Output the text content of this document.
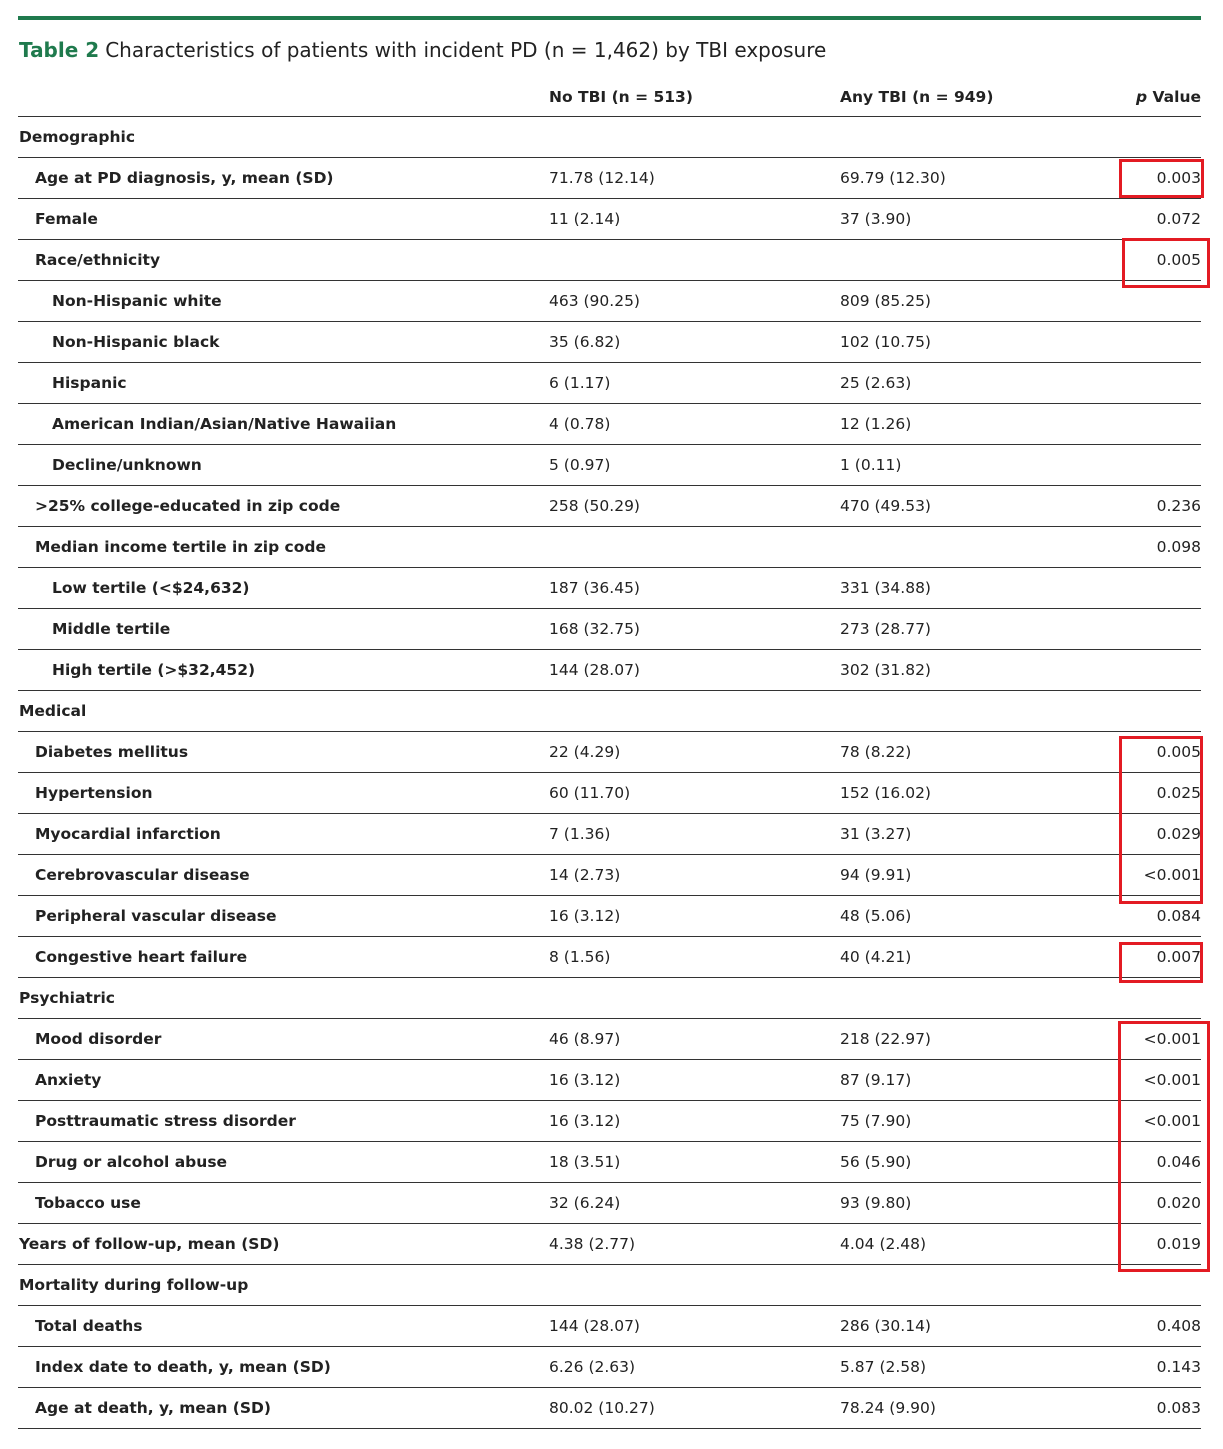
Table 2 Characteristics of patients with incident PD (n = 1,462) by TBI exposure
	No TBI (n = 513)	Any TBI (n = 949)	p Value
Demographic			
Age at PD diagnosis, y, mean (SD)	71.78 (12.14)	69.79 (12.30)	0.003
Female	11 (2.14)	37 (3.90)	0.072
Race/ethnicity			0.005
Non-Hispanic white	463 (90.25)	809 (85.25)	
Non-Hispanic black	35 (6.82)	102 (10.75)	
Hispanic	6 (1.17)	25 (2.63)	
American Indian/Asian/Native Hawaiian	4 (0.78)	12 (1.26)	
Decline/unknown	5 (0.97)	1 (0.11)	
>25% college-educated in zip code	258 (50.29)	470 (49.53)	0.236
Median income tertile in zip code			0.098
Low tertile (<$24,632)	187 (36.45)	331 (34.88)	
Middle tertile	168 (32.75)	273 (28.77)	
High tertile (>$32,452)	144 (28.07)	302 (31.82)	
Medical			
Diabetes mellitus	22 (4.29)	78 (8.22)	0.005
Hypertension	60 (11.70)	152 (16.02)	0.025
Myocardial infarction	7 (1.36)	31 (3.27)	0.029
Cerebrovascular disease	14 (2.73)	94 (9.91)	<0.001
Peripheral vascular disease	16 (3.12)	48 (5.06)	0.084
Congestive heart failure	8 (1.56)	40 (4.21)	0.007
Psychiatric			
Mood disorder	46 (8.97)	218 (22.97)	<0.001
Anxiety	16 (3.12)	87 (9.17)	<0.001
Posttraumatic stress disorder	16 (3.12)	75 (7.90)	<0.001
Drug or alcohol abuse	18 (3.51)	56 (5.90)	0.046
Tobacco use	32 (6.24)	93 (9.80)	0.020
Years of follow-up, mean (SD)	4.38 (2.77)	4.04 (2.48)	0.019
Mortality during follow-up			
Total deaths	144 (28.07)	286 (30.14)	0.408
Index date to death, y, mean (SD)	6.26 (2.63)	5.87 (2.58)	0.143
Age at death, y, mean (SD)	80.02 (10.27)	78.24 (9.90)	0.083
